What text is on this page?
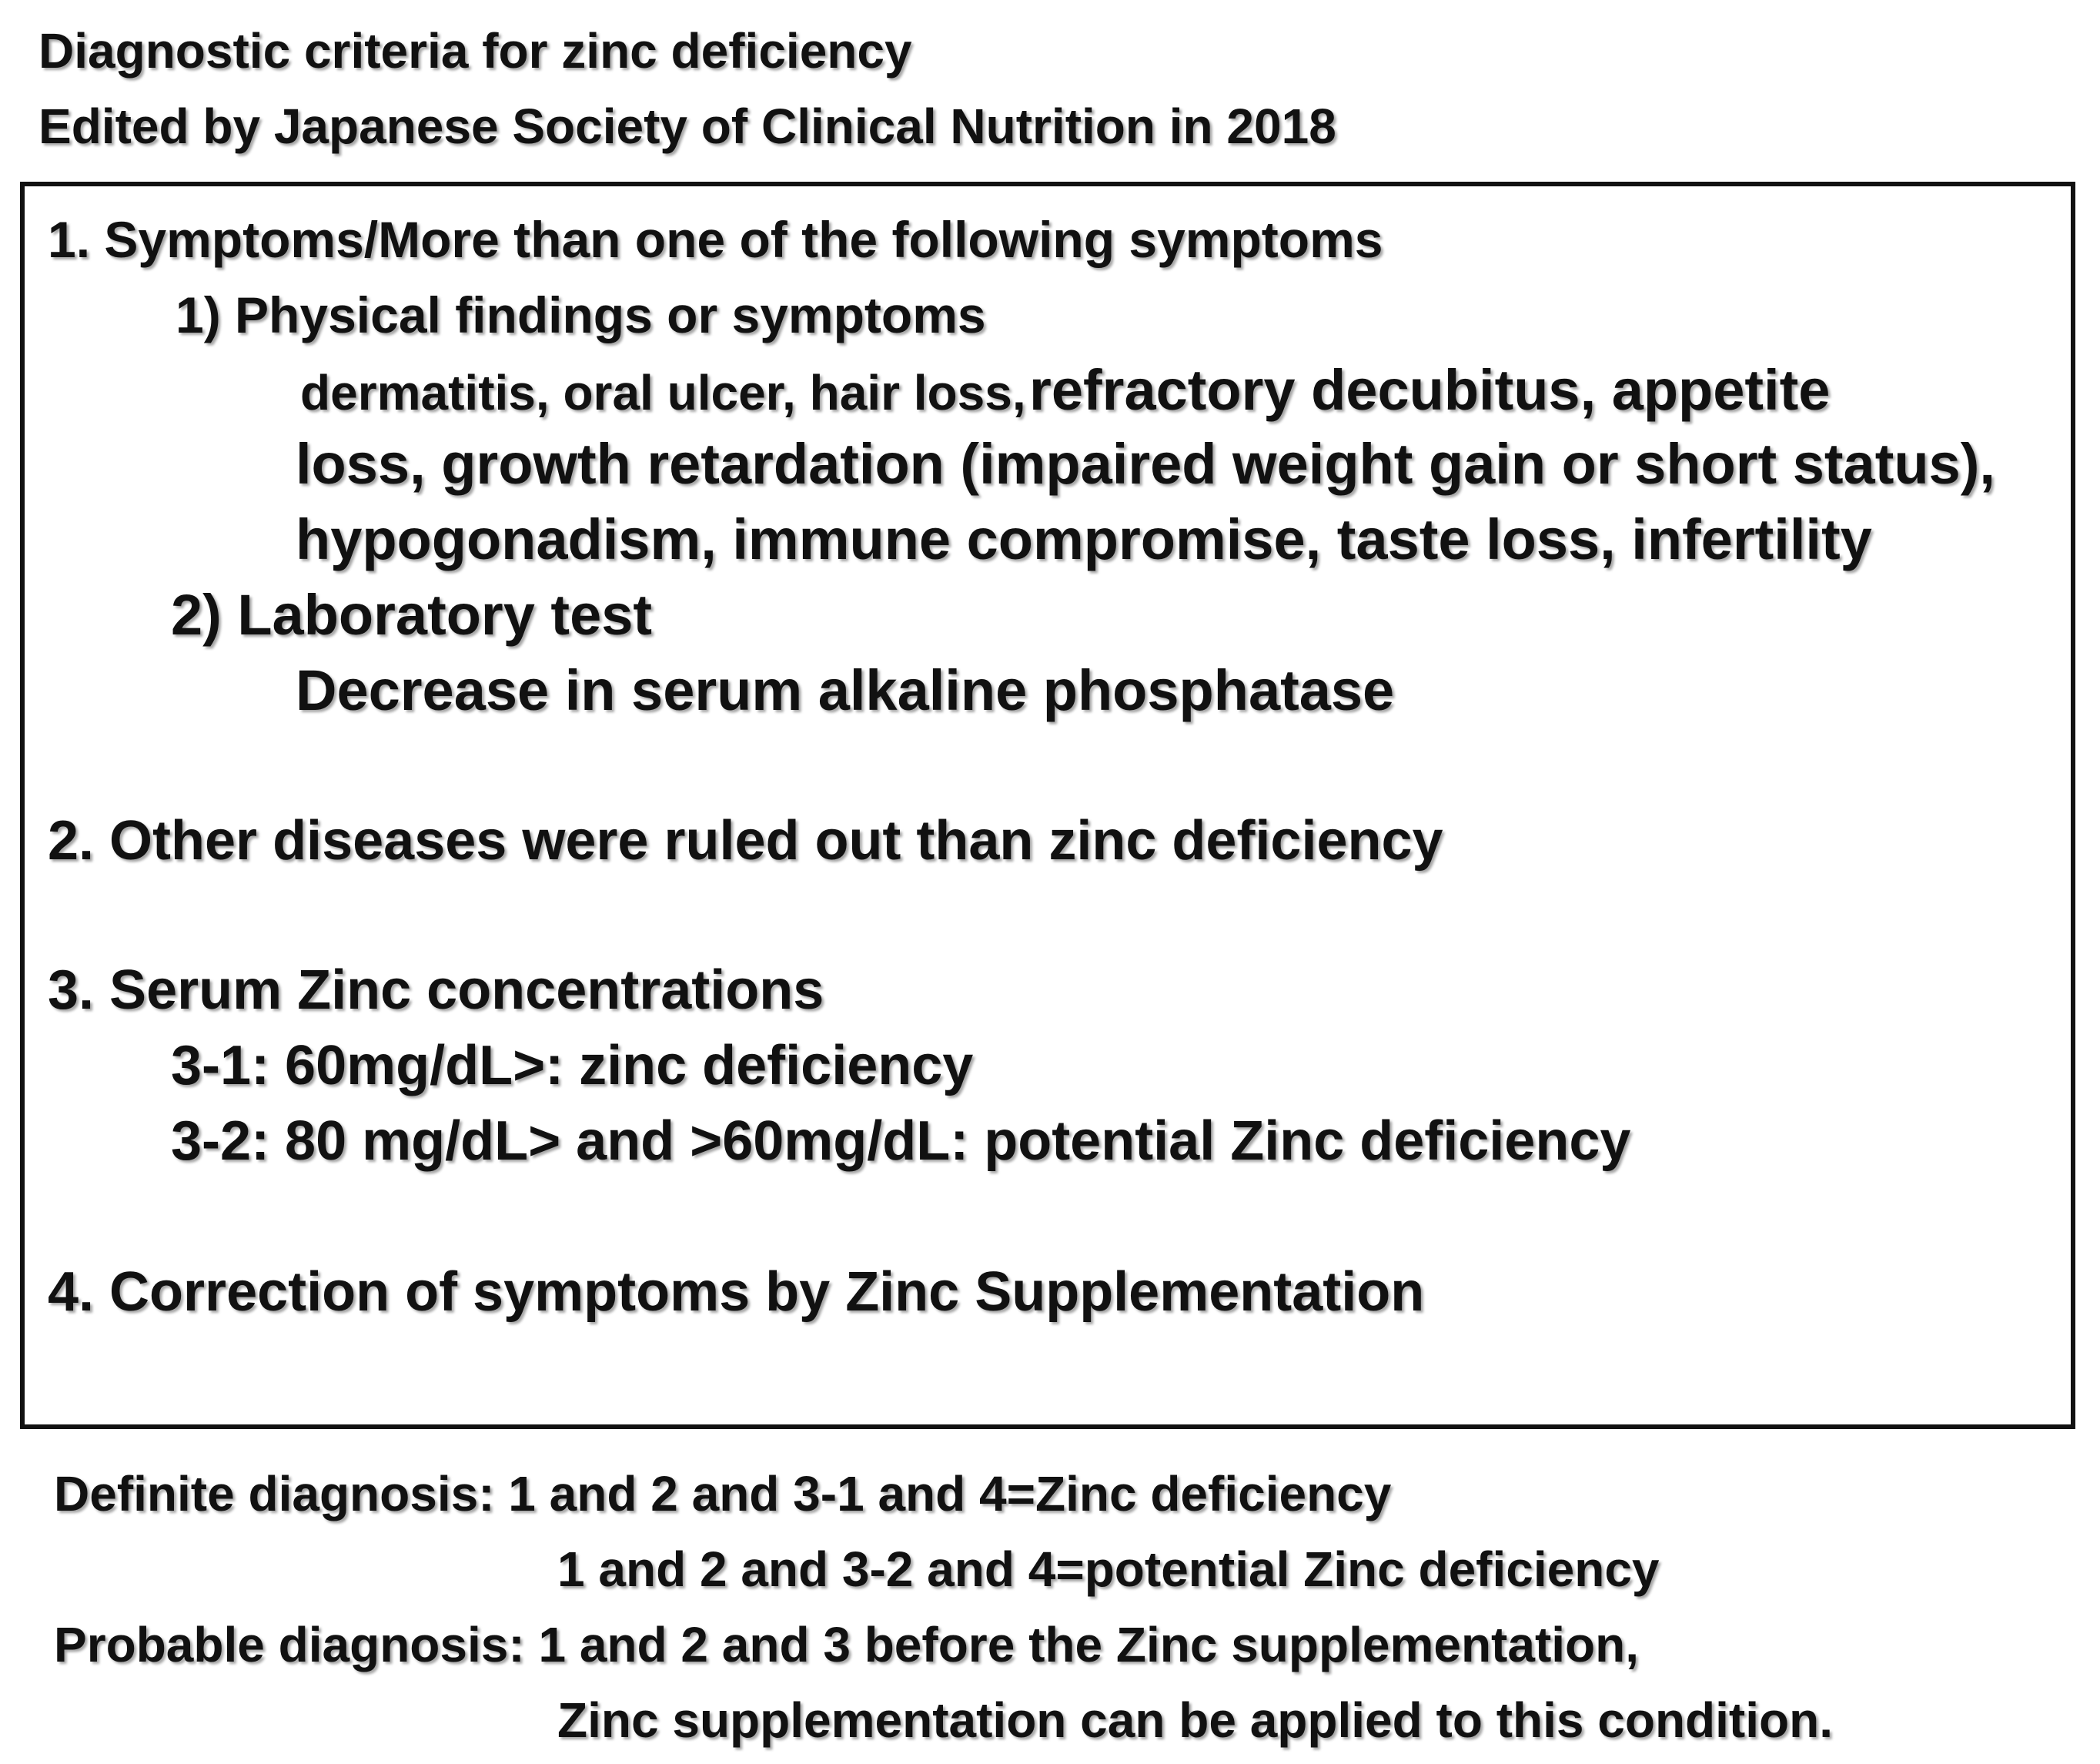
Diagnostic criteria for zinc deficiency
Edited by Japanese Society of Clinical Nutrition in 2018
1. Symptoms/More than one of the following symptoms
1) Physical findings or symptoms
dermatitis, oral ulcer, hair loss, refractory decubitus, appetite
loss, growth retardation (impaired weight gain or short status),
hypogonadism, immune compromise, taste loss, infertility
2) Laboratory test
Decrease in serum alkaline phosphatase
2. Other diseases were ruled out than zinc deficiency
3. Serum Zinc concentrations
3-1: 60mg/dL>: zinc deficiency
3-2: 80 mg/dL> and >60mg/dL: potential Zinc deficiency
4. Correction of symptoms by Zinc Supplementation
Definite diagnosis: 1 and 2 and 3-1 and 4=Zinc deficiency
1 and 2 and 3-2 and 4=potential Zinc deficiency
Probable diagnosis: 1 and 2 and 3 before the Zinc supplementation,
Zinc supplementation can be applied to this condition.
